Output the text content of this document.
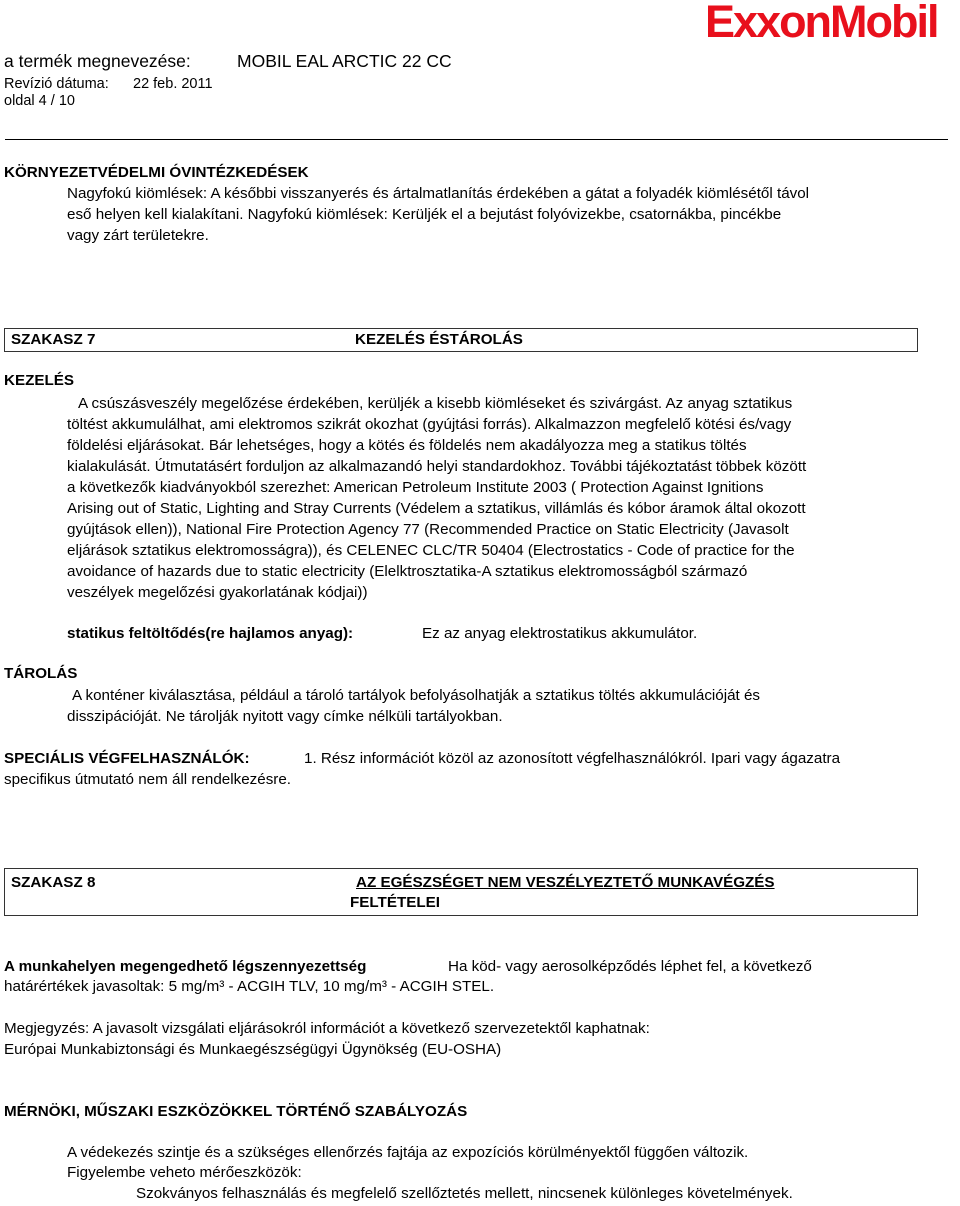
ExxonMobil
a termék megnevezése:	MOBIL EAL ARCTIC 22 CC
Revízió dátuma: 22 feb. 2011
oldal 4 / 10
KÖRNYEZETVÉDELMI ÓVINTÉZKEDÉSEK
Nagyfokú kiömlések: A későbbi visszanyerés és ártalmatlanítás érdekében a gátat a folyadék kiömlésétől távol
eső helyen kell kialakítani. Nagyfokú kiömlések: Kerüljék el a bejutást folyóvizekbe, csatornákba, pincékbe
vagy zárt területekre.
SZAKASZ 7	KEZELÉS ÉSTÁROLÁS
KEZELÉS
A csúszásveszély megelőzése érdekében, kerüljék a kisebb kiömléseket és szivárgást. Az anyag sztatikus
töltést akkumulálhat, ami elektromos szikrát okozhat (gyújtási forrás). Alkalmazzon megfelelő kötési és/vagy
földelési eljárásokat. Bár lehetséges, hogy a kötés és földelés nem akadályozza meg a statikus töltés
kialakulását. Útmutatásért forduljon az alkalmazandó helyi standardokhoz. További tájékoztatást többek között
a következők kiadványokból szerezhet: American Petroleum Institute 2003 ( Protection Against Ignitions
Arising out of Static, Lighting and Stray Currents (Védelem a sztatikus, villámlás és kóbor áramok által okozott
gyújtások ellen)), National Fire Protection Agency 77 (Recommended Practice on Static Electricity (Javasolt
eljárások sztatikus elektromosságra)), és CELENEC CLC/TR 50404 (Electrostatics - Code of practice for the
avoidance of hazards due to static electricity (Elelktrosztatika-A sztatikus elektromosságból származó
veszélyek megelőzési gyakorlatának kódjai))
statikus feltöltődés(re hajlamos anyag):	Ez az anyag elektrostatikus akkumulátor.
TÁROLÁS
A konténer kiválasztása, például a tároló tartályok befolyásolhatják a sztatikus töltés akkumulációját és
disszipációját. Ne tárolják nyitott vagy címke nélküli tartályokban.
SPECIÁLIS VÉGFELHASZNÁLÓK:	1. Rész információt közöl az azonosított végfelhasználókról. Ipari vagy ágazatra
specifikus útmutató nem áll rendelkezésre.
SZAKASZ 8	AZ EGÉSZSÉGET NEM VESZÉLYEZTETŐ MUNKAVÉGZÉS
FELTÉTELEI
A munkahelyen megengedhető légszennyezettség	Ha köd- vagy aerosolképződés léphet fel, a következő
határértékek javasoltak: 5 mg/m³ - ACGIH TLV, 10 mg/m³ - ACGIH STEL.
Megjegyzés: A javasolt vizsgálati eljárásokról információt a következő szervezetektől kaphatnak:
Európai Munkabiztonsági és Munkaegészségügyi Ügynökség (EU-OSHA)
MÉRNÖKI, MŰSZAKI ESZKÖZÖKKEL TÖRTÉNŐ SZABÁLYOZÁS
A védekezés szintje és a szükséges ellenőrzés fajtája az expozíciós körülményektől függően változik.
Figyelembe veheto mérőeszközök:
Szokványos felhasználás és megfelelő szellőztetés mellett, nincsenek különleges követelmények.
